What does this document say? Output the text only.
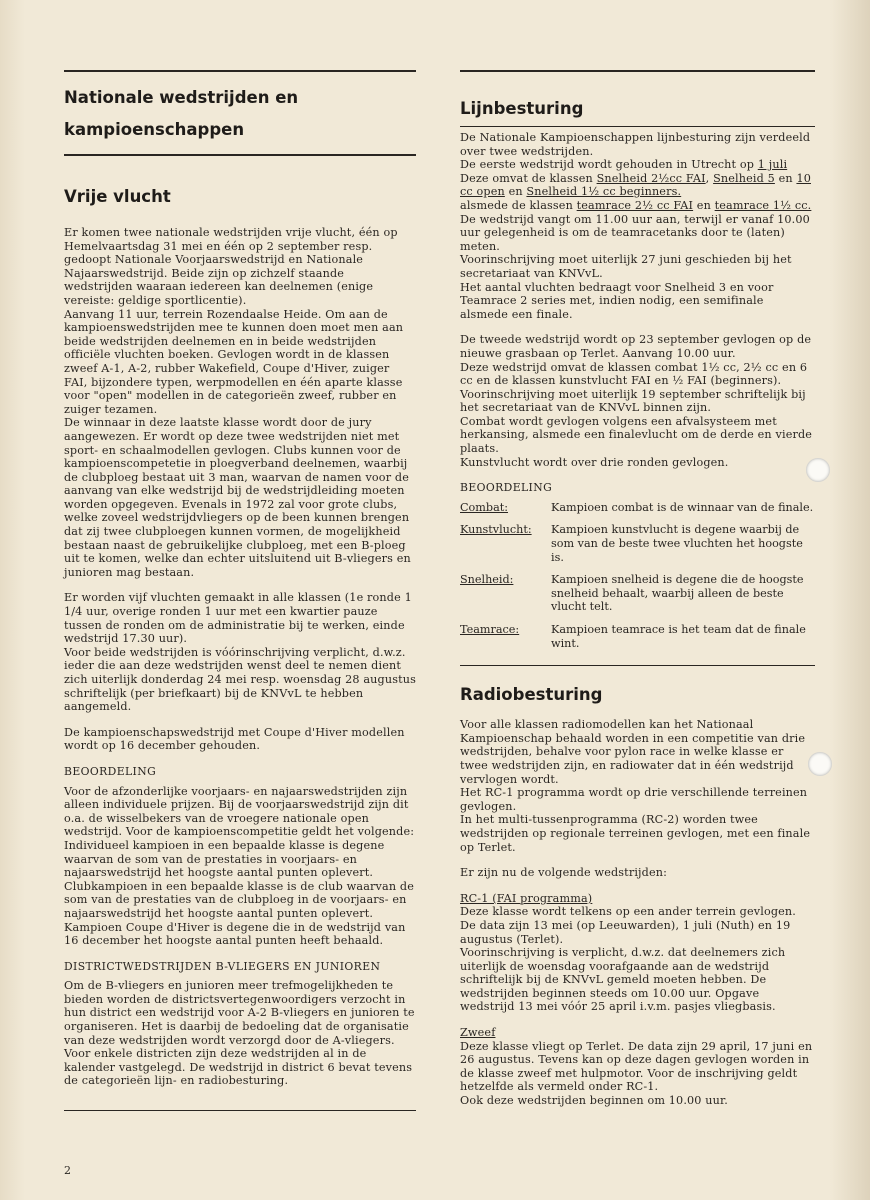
Nationale wedstrijden en
kampioenschappen
Vrije vlucht

Er komen twee nationale wedstrijden vrije vlucht, één op Hemelvaartsdag 31 mei en één op 2 september resp. gedoopt Nationale Voorjaarswedstrijd en Nationale Najaarswedstrijd. Beide zijn op zichzelf staande wedstrijden waaraan iedereen kan deelnemen (enige vereiste: geldige sportlicentie).

Aanvang 11 uur, terrein Rozendaalse Heide. Om aan de kampioenswedstrijden mee te kunnen doen moet men aan beide wedstrijden deelnemen en in beide wedstrijden officiële vluchten boeken. Gevlogen wordt in de klassen zweef A-1, A-2, rubber Wakefield, Coupe d'Hiver, zuiger FAI, bijzondere typen, werpmodellen en één aparte klasse voor "open" modellen in de categorieën zweef, rubber en zuiger tezamen.

De winnaar in deze laatste klasse wordt door de jury aangewezen. Er wordt op deze twee wedstrijden niet met sport- en schaalmodellen gevlogen. Clubs kunnen voor de kampioenscompetetie in ploegverband deelnemen, waarbij de clubploeg bestaat uit 3 man, waarvan de namen voor de aanvang van elke wedstrijd bij de wedstrijdleiding moeten worden opgegeven. Evenals in 1972 zal voor grote clubs, welke zoveel wedstrijdvliegers op de been kunnen brengen dat zij twee clubploegen kunnen vormen, de mogelijkheid bestaan naast de gebruikelijke clubploeg, met een B-ploeg uit te komen, welke dan echter uitsluitend uit B-vliegers en junioren mag bestaan.

Er worden vijf vluchten gemaakt in alle klassen (1e ronde 1 1/4 uur, overige ronden 1 uur met een kwartier pauze tussen de ronden om de administratie bij te werken, einde wedstrijd 17.30 uur).

Voor beide wedstrijden is vóórinschrijving verplicht, d.w.z. ieder die aan deze wedstrijden wenst deel te nemen dient zich uiterlijk donderdag 24 mei resp. woensdag 28 augustus schriftelijk (per briefkaart) bij de KNVvL te hebben aangemeld.

De kampioenschapswedstrijd met Coupe d'Hiver modellen wordt op 16 december gehouden.

BEOORDELING

Voor de afzonderlijke voorjaars- en najaarswedstrijden zijn alleen individuele prijzen. Bij de voorjaarswedstrijd zijn dit o.a. de wisselbekers van de vroegere nationale open wedstrijd. Voor de kampioenscompetitie geldt het volgende: Individueel kampioen in een bepaalde klasse is degene waarvan de som van de prestaties in voorjaars- en najaarswedstrijd het hoogste aantal punten oplevert. Clubkampioen in een bepaalde klasse is de club waarvan de som van de prestaties van de clubploeg in de voorjaars- en najaarswedstrijd het hoogste aantal punten oplevert. Kampioen Coupe d'Hiver is degene die in de wedstrijd van 16 december het hoogste aantal punten heeft behaald.

DISTRICTWEDSTRIJDEN B-VLIEGERS EN JUNIOREN

Om de B-vliegers en junioren meer trefmogelijkheden te bieden worden de districtsvertegenwoordigers verzocht in hun district een wedstrijd voor A-2 B-vliegers en junioren te organiseren. Het is daarbij de bedoeling dat de organisatie van deze wedstrijden wordt verzorgd door de A-vliegers. Voor enkele districten zijn deze wedstrijden al in de kalender vastgelegd. De wedstrijd in district 6 bevat tevens de categorieën lijn- en radiobesturing.

Lijnbesturing

De Nationale Kampioenschappen lijnbesturing zijn verdeeld over twee wedstrijden.

De eerste wedstrijd wordt gehouden in Utrecht op 1 juli

Deze omvat de klassen Snelheid 2½cc FAI, Snelheid 5 en 10 cc open en Snelheid 1½ cc beginners.

alsmede de klassen teamrace 2½ cc FAI en teamrace 1½ cc.

De wedstrijd vangt om 11.00 uur aan, terwijl er vanaf 10.00 uur gelegenheid is om de teamracetanks door te (laten) meten.

Voorinschrijving moet uiterlijk 27 juni geschieden bij het secretariaat van KNVvL.

Het aantal vluchten bedraagt voor Snelheid 3 en voor Teamrace 2 series met, indien nodig, een semifinale alsmede een finale.

De tweede wedstrijd wordt op 23 september gevlogen op de nieuwe grasbaan op Terlet. Aanvang 10.00 uur.

Deze wedstrijd omvat de klassen combat 1½ cc, 2½ cc en 6 cc en de klassen kunstvlucht FAI en ½ FAI (beginners).

Voorinschrijving moet uiterlijk 19 september schriftelijk bij het secretariaat van de KNVvL binnen zijn.

Combat wordt gevlogen volgens een afvalsysteem met herkansing, alsmede een finalevlucht om de derde en vierde plaats.

Kunstvlucht wordt over drie ronden gevlogen.

BEOORDELING

Combat:	Kampioen combat is de winnaar van de finale.
Kunstvlucht:	Kampioen kunstvlucht is degene waarbij de som van de beste twee vluchten het hoogste is.
Snelheid:	Kampioen snelheid is degene die de hoogste snelheid behaalt, waarbij alleen de beste vlucht telt.
Teamrace:	Kampioen teamrace is het team dat de finale wint.
Radiobesturing

Voor alle klassen radiomodellen kan het Nationaal Kampioenschap behaald worden in een competitie van drie wedstrijden, behalve voor pylon race in welke klasse er twee wedstrijden zijn, en radiowater dat in één wedstrijd vervlogen wordt.

Het RC-1 programma wordt op drie verschillende terreinen gevlogen.

In het multi-tussenprogramma (RC-2) worden twee wedstrijden op regionale terreinen gevlogen, met een finale op Terlet.

Er zijn nu de volgende wedstrijden:

RC-1 (FAI programma)

Deze klasse wordt telkens op een ander terrein gevlogen. De data zijn 13 mei (op Leeuwarden), 1 juli (Nuth) en 19 augustus (Terlet).

Voorinschrijving is verplicht, d.w.z. dat deelnemers zich uiterlijk de woensdag voorafgaande aan de wedstrijd schriftelijk bij de KNVvL gemeld moeten hebben. De wedstrijden beginnen steeds om 10.00 uur. Opgave wedstrijd 13 mei vóór 25 april i.v.m. pasjes vliegbasis.

Zweef

Deze klasse vliegt op Terlet. De data zijn 29 april, 17 juni en 26 augustus. Tevens kan op deze dagen gevlogen worden in de klasse zweef met hulpmotor. Voor de inschrijving geldt hetzelfde als vermeld onder RC-1.

Ook deze wedstrijden beginnen om 10.00 uur.

2
